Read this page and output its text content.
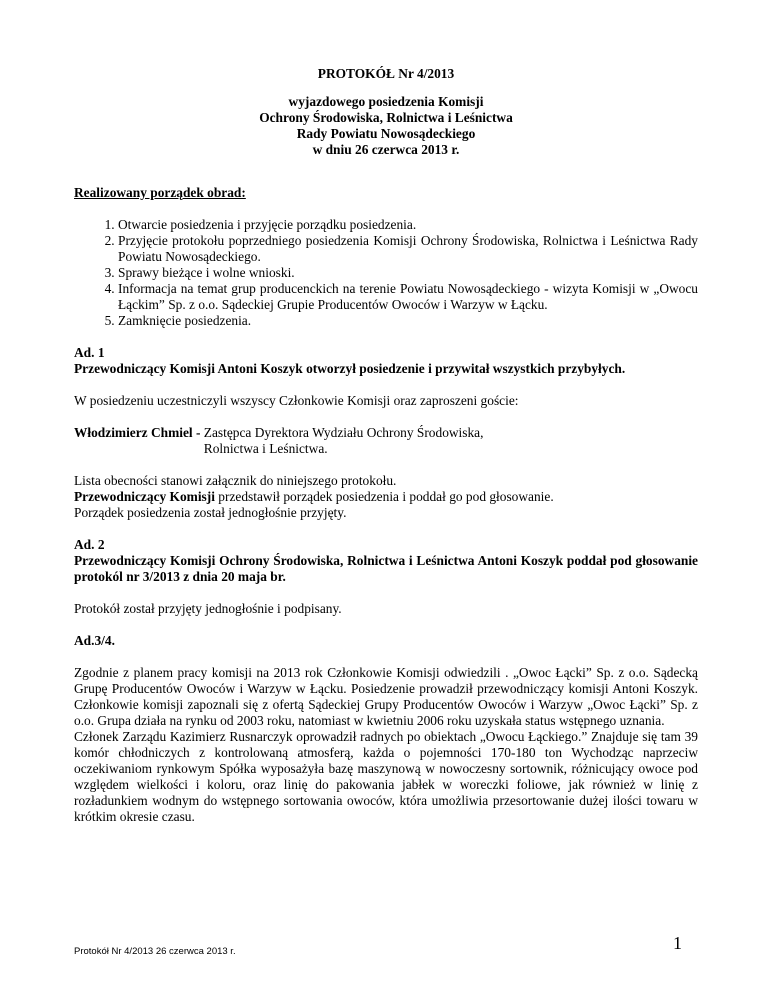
PROTOKÓŁ Nr 4/2013
wyjazdowego posiedzenia Komisji
Ochrony Środowiska, Rolnictwa i Leśnictwa
Rady Powiatu Nowosądeckiego
w dniu 26 czerwca 2013 r.
Realizowany porządek obrad:
1. Otwarcie posiedzenia i przyjęcie porządku posiedzenia.
2. Przyjęcie protokołu poprzedniego posiedzenia Komisji Ochrony Środowiska, Rolnictwa i Leśnictwa Rady Powiatu Nowosądeckiego.
3. Sprawy bieżące i wolne wnioski.
4. Informacja na temat grup producenckich na terenie Powiatu Nowosądeckiego - wizyta Komisji w „Owocu Łąckim” Sp. z o.o. Sądeckiej Grupie Producentów Owoców i Warzyw w Łącku.
5. Zamknięcie posiedzenia.
Ad. 1
Przewodniczący Komisji Antoni Koszyk otworzył posiedzenie i przywitał wszystkich przybyłych.
W posiedzeniu uczestniczyli wszyscy Członkowie Komisji oraz zaproszeni goście:
Włodzimierz Chmiel - Zastępca Dyrektora Wydziału Ochrony Środowiska,
Rolnictwa i Leśnictwa.
Lista obecności stanowi załącznik do niniejszego protokołu.
Przewodniczący Komisji przedstawił porządek posiedzenia i poddał go pod głosowanie.
Porządek posiedzenia został jednogłośnie przyjęty.
Ad. 2
Przewodniczący Komisji Ochrony Środowiska, Rolnictwa i Leśnictwa Antoni Koszyk poddał pod głosowanie protokól nr 3/2013 z dnia 20 maja br.
Protokół został przyjęty jednogłośnie i podpisany.
Ad.3/4.
Zgodnie z planem pracy komisji na 2013 rok Członkowie Komisji odwiedzili . „Owoc Łącki” Sp. z o.o. Sądecką Grupę Producentów Owoców i Warzyw w Łącku. Posiedzenie prowadził przewodniczący komisji Antoni Koszyk. Członkowie komisji zapoznali się z ofertą Sądeckiej Grupy Producentów Owoców i Warzyw „Owoc Łącki” Sp. z o.o. Grupa działa na rynku od 2003 roku, natomiast w kwietniu 2006 roku uzyskała status wstępnego uznania.
Członek Zarządu Kazimierz Rusnarczyk oprowadził radnych po obiektach „Owocu Łąckiego.” Znajduje się tam 39 komór chłodniczych z kontrolowaną atmosferą, każda o pojemności 170-180 ton Wychodząc naprzeciw oczekiwaniom rynkowym Spółka wyposażyła bazę maszynową w nowoczesny sortownik, różnicujący owoce pod względem wielkości i koloru, oraz linię do pakowania jabłek w woreczki foliowe, jak również w linię z rozładunkiem wodnym do wstępnego sortowania owoców, która umożliwia przesortowanie dużej ilości towaru w krótkim okresie czasu.
Protokół Nr 4/2013 26 czerwca 2013 r.	1
